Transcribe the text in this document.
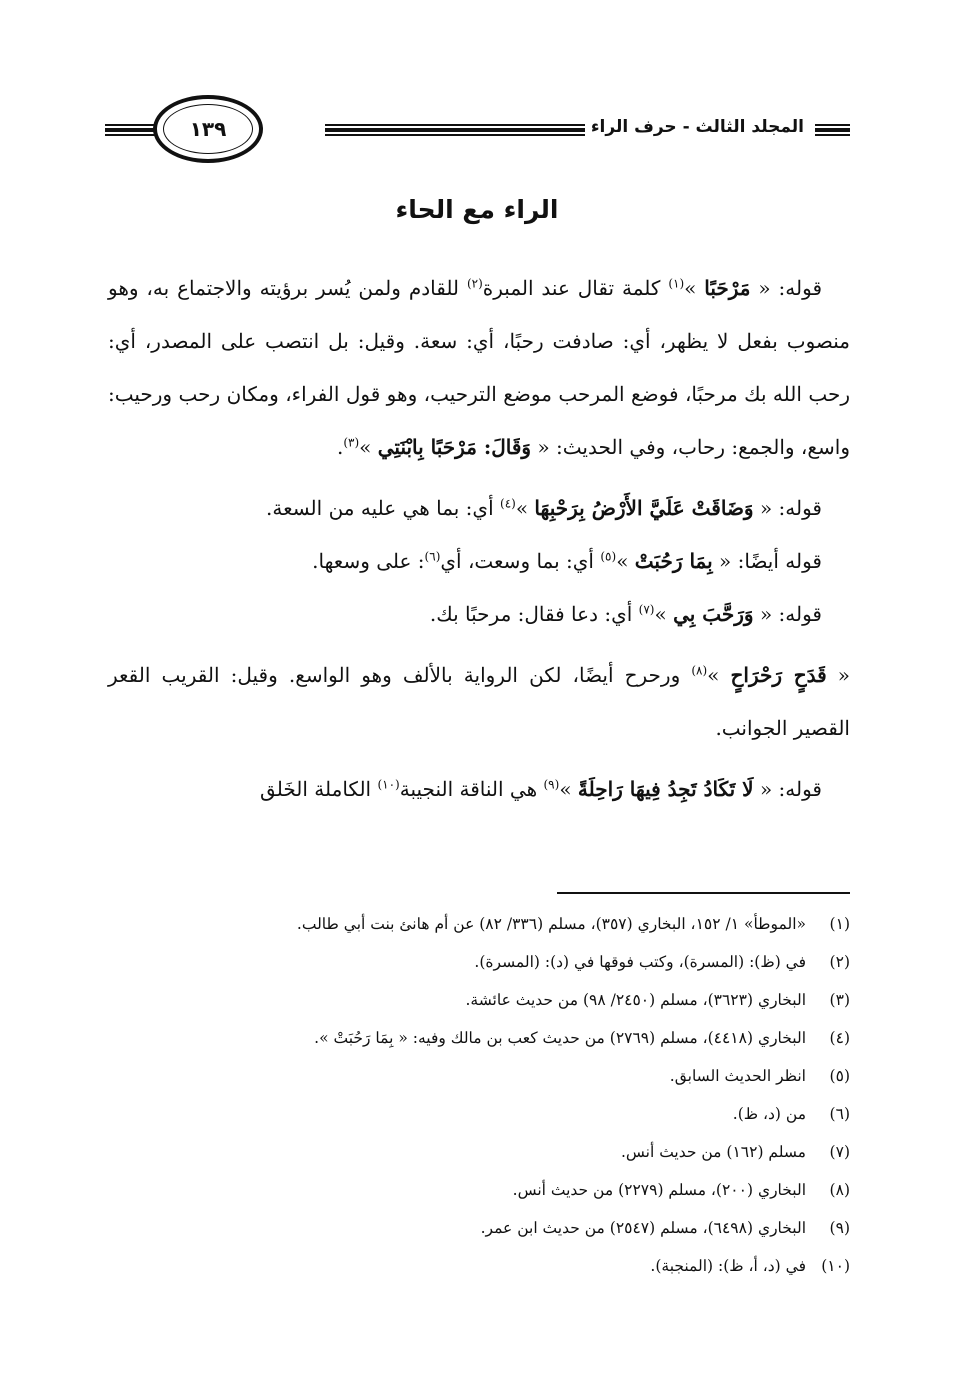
١٣٩	المجلد الثالث - حرف الراء
الراء مع الحاء

قوله: « مَرْحَبًا »$^{(١)}$ كلمة تقال عند المبرة$^{(٢)}$ للقادم ولمن يُسر برؤيته والاجتماع به، وهو منصوب بفعل لا يظهر، أي: صادفت رحبًا، أي: سعة. وقيل: بل انتصب على المصدر، أي: رحب الله بك مرحبًا، فوضع المرحب موضع الترحيب، وهو قول الفراء، ومكان رحب ورحيب: واسع، والجمع: رحاب، وفي الحديث: « وَقَالَ: مَرْحَبًا بِابْنَتِي »$^{(٣)}$.

قوله: « وَضَاقَتْ عَلَيَّ الأَرْضُ بِرَحْبِهَا »$^{(٤)}$ أي: بما هي عليه من السعة.

قوله أيضًا: « بِمَا رَحُبَتْ »$^{(٥)}$ أي: بما وسعت، أي$^{(٦)}$: على وسعها.

قوله: « وَرَحَّبَ بِي »$^{(٧)}$ أي: دعا فقال: مرحبًا بك.

« قَدَحٍ رَحْرَاحٍ »$^{(٨)}$ ورحرح أيضًا، لكن الرواية بالألف وهو الواسع. وقيل: القريب القعر القصير الجوانب.

قوله: « لَا تَكَادُ تَجِدُ فِيهَا رَاحِلَةً »$^{(٩)}$ هي الناقة النجيبة$^{(١٠)}$ الكاملة الخَلق

(١)
«الموطأ» ١/ ١٥٢، البخاري (٣٥٧)، مسلم (٣٣٦/ ٨٢) عن أم هانئ بنت أبي طالب.
(٢)
في (ظ): (المسرة)، وكتب فوقها في (د): (المسرة).
(٣)
البخاري (٣٦٢٣)، مسلم (٢٤٥٠/ ٩٨) من حديث عائشة.
(٤)
البخاري (٤٤١٨)، مسلم (٢٧٦٩) من حديث كعب بن مالك وفيه: « بِمَا رَحُبَتْ ».
(٥)
انظر الحديث السابق.
(٦)
من (د، ظ).
(٧)
مسلم (١٦٢) من حديث أنس.
(٨)
البخاري (٢٠٠)، مسلم (٢٢٧٩) من حديث أنس.
(٩)
البخاري (٦٤٩٨)، مسلم (٢٥٤٧) من حديث ابن عمر.
(١٠)
في (د، أ، ظ): (المنجبة).
